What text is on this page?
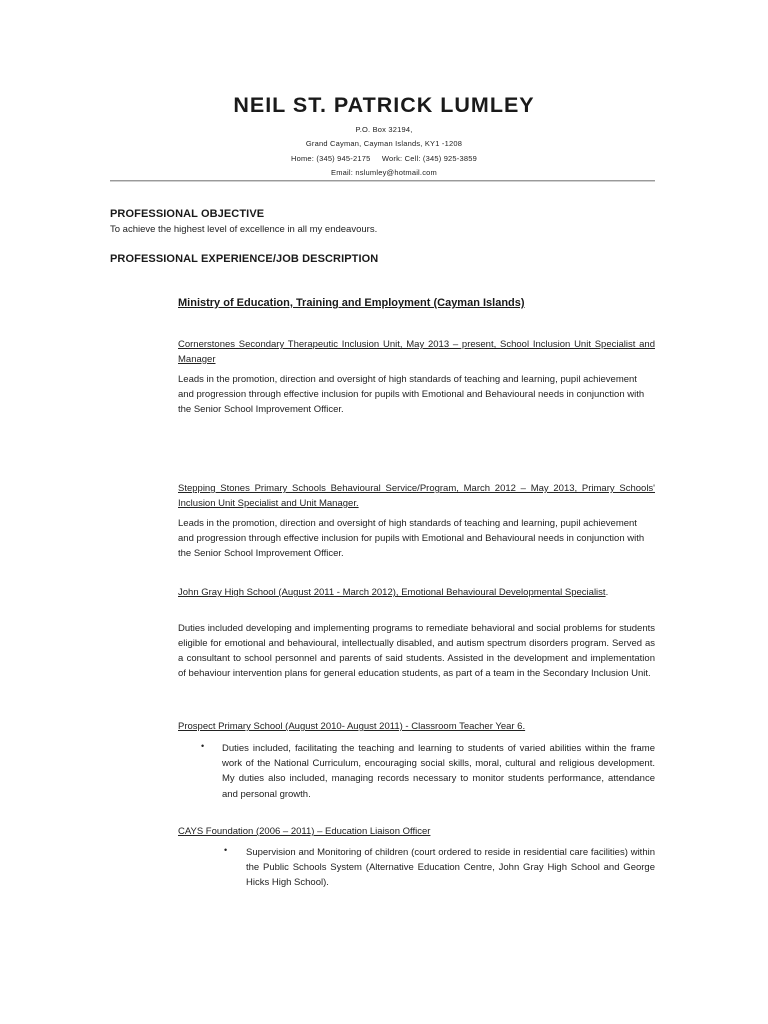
NEIL ST. PATRICK LUMLEY
P.O. Box 32194,
Grand Cayman, Cayman Islands, KY1 -1208
Home: (345) 945-2175     Work: Cell: (345) 925-3859
Email: nslumley@hotmail.com
PROFESSIONAL OBJECTIVE
To achieve the highest level of excellence in all my endeavours.
PROFESSIONAL EXPERIENCE/JOB DESCRIPTION
Ministry of Education, Training and Employment (Cayman Islands)
Cornerstones Secondary Therapeutic Inclusion Unit, May 2013 – present, School Inclusion Unit Specialist and Manager
Leads in the promotion, direction and oversight of high standards of teaching and learning, pupil achievement and progression through effective inclusion for pupils with Emotional and Behavioural needs in conjunction with the Senior School Improvement Officer.
Stepping Stones Primary Schools Behavioural Service/Program, March 2012 – May 2013, Primary Schools' Inclusion Unit Specialist and Unit Manager.
Leads in the promotion, direction and oversight of high standards of teaching and learning, pupil achievement and progression through effective inclusion for pupils with Emotional and Behavioural needs in conjunction with the Senior School Improvement Officer.
John Gray High School (August 2011 - March 2012), Emotional Behavioural Developmental Specialist.
Duties included developing and implementing programs to remediate behavioral and social problems for students eligible for emotional and behavioural, intellectually disabled, and autism spectrum disorders program. Served as a consultant to school personnel and parents of said students. Assisted in the development and implementation of behaviour intervention plans for general education students, as part of a team in the Secondary Inclusion Unit.
Prospect Primary School (August 2010- August 2011) - Classroom Teacher Year 6.
• Duties included, facilitating the teaching and learning to students of varied abilities within the frame work of the National Curriculum, encouraging social skills, moral, cultural and religious development. My duties also included, managing records necessary to monitor students performance, attendance and personal growth.
CAYS Foundation (2006 – 2011) – Education Liaison Officer
• Supervision and Monitoring of children (court ordered to reside in residential care facilities) within the Public Schools System (Alternative Education Centre, John Gray High School and George Hicks High School).
